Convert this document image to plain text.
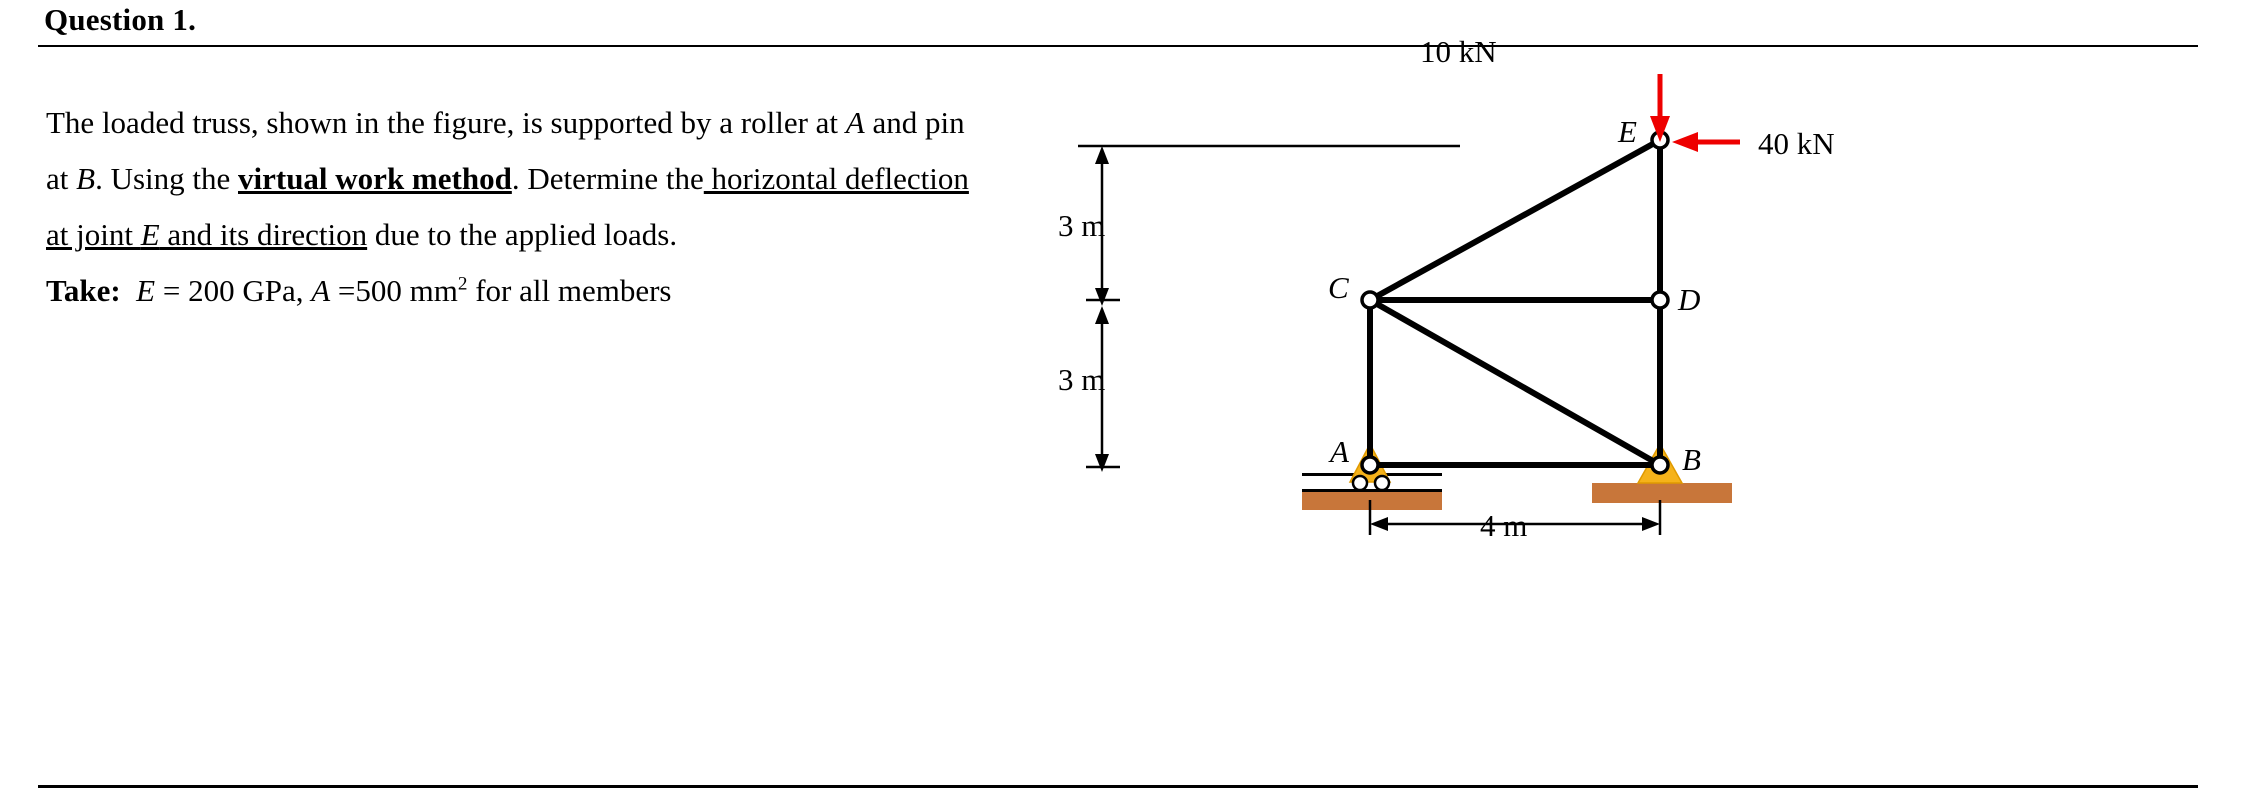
Question 1.
The loaded truss, shown in the figure, is supported by a roller at A and pin
at B. Using the virtual work method. Determine the horizontal deflection
at joint E and its direction due to the applied loads.
Take: E = 200 GPa, A =500 $mm^2$ for all members
10 kN
40 kN
3 m
3 m
4 m
A	B
C	D
E
